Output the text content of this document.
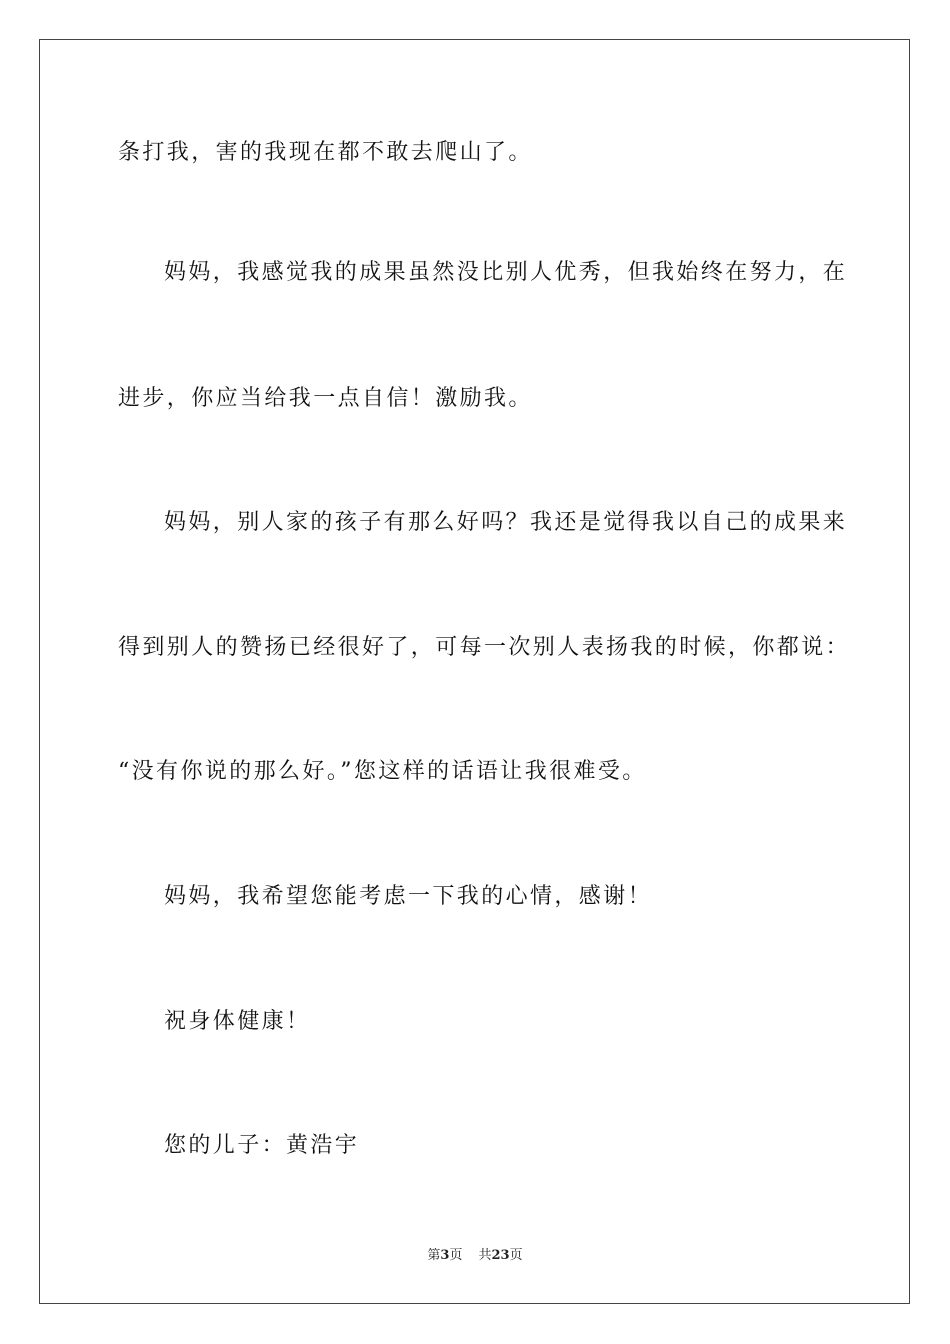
条打我，害的我现在都不敢去爬山了。
妈妈，我感觉我的成果虽然没比别人优秀，但我始终在努力，在
进步，你应当给我一点自信！激励我。
妈妈，别人家的孩子有那么好吗？我还是觉得我以自己的成果来
得到别人的赞扬已经很好了，可每一次别人表扬我的时候，你都说：
“没有你说的那么好。”您这样的话语让我很难受。
妈妈，我希望您能考虑一下我的心情，感谢！
祝身体健康！
您的儿子：黄浩宇
第3页 共23页
